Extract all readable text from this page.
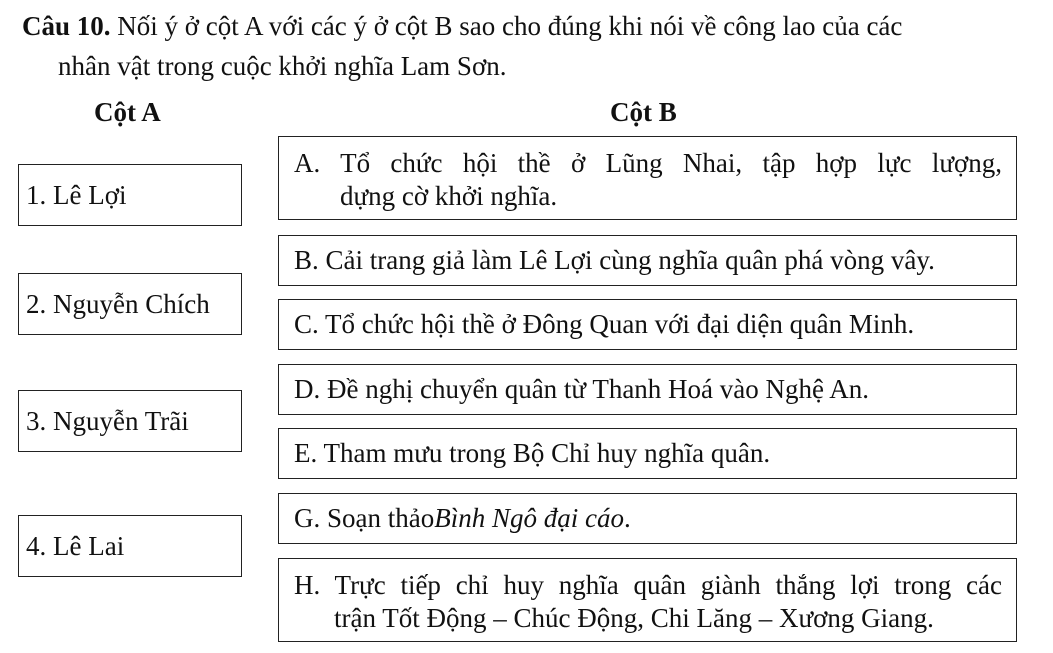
Câu 10. Nối ý ở cột A với các ý ở cột B sao cho đúng khi nói về công lao của các
nhân vật trong cuộc khởi nghĩa Lam Sơn.
Cột A	Cột B
1. Lê Lợi
2. Nguyễn Chích
3. Nguyễn Trãi
4. Lê Lai
A. Tổ chức hội thề ở Lũng Nhai, tập hợp lực lượng,
dựng cờ khởi nghĩa.
B. Cải trang giả làm Lê Lợi cùng nghĩa quân phá vòng vây.
C. Tổ chức hội thề ở Đông Quan với đại diện quân Minh.
D. Đề nghị chuyển quân từ Thanh Hoá vào Nghệ An.
E. Tham mưu trong Bộ Chỉ huy nghĩa quân.
G. Soạn thảo Bình Ngô đại cáo .
H. Trực tiếp chỉ huy nghĩa quân giành thắng lợi trong các
trận Tốt Động – Chúc Động, Chi Lăng – Xương Giang.
